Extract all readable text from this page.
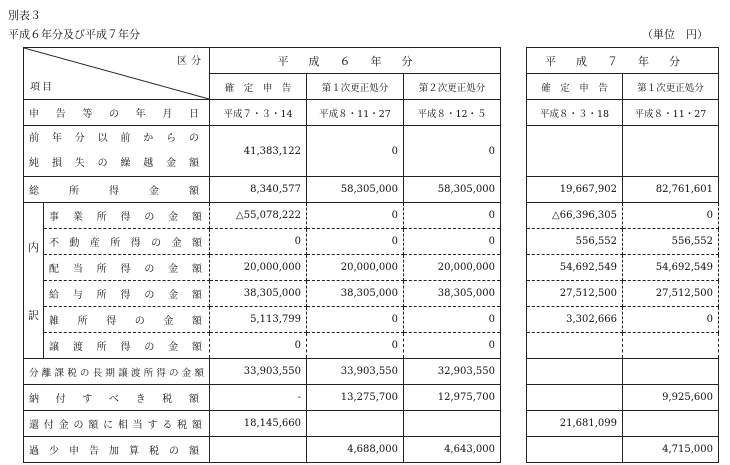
別表３
平成６年分及び平成７年分	（単位　円）
区分
項目		平成６年分				平成７年分	
		確　定　申　告	第１次更正処分	第２次更正処分		確　定　申　告	第１次更正処分
申告等の年月日		平成７・３・14	平成８・11・27	平成８・12・５		平成８・３・18	平成８・11・27

前年分以前からの
純損失の繰越金額		41,383,122	0	0			
総所得金額		8,340,577	58,305,000	58,305,000		19,667,902	82,761,601

内
訳	事業所得の金額	△55,078,222	0	0		△66,396,305	0
	不動産所得の金額	0	0	0		556,552	556,552
	配当所得の金額	20,000,000	20,000,000	20,000,000		54,692,549	54,692,549
	給与所得の金額	38,305,000	38,305,000	38,305,000		27,512,500	27,512,500
	雑所得の金額	5,113,799	0	0		3,302,666	0
	譲渡所得の金額	0	0	0			
分離課税の長期譲渡所得の金額		33,903,550	33,903,550	32,903,550			
納付すべき税額		-	13,275,700	12,975,700			9,925,600
還付金の額に相当する税額		18,145,660				21,681,099	
過少申告加算税の額			4,688,000	4,643,000			4,715,000
